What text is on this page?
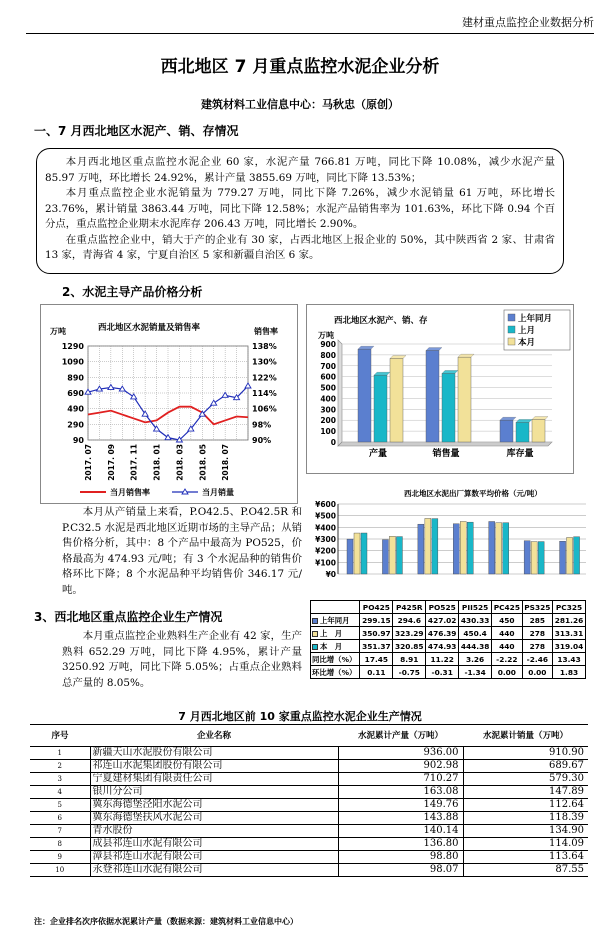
建材重点监控企业数据分析
西北地区 7 月重点监控水泥企业分析
建筑材料工业信息中心：马秋忠（原创）
一、7 月西北地区水泥产、销、存情况

本月西北地区重点监控水泥企业 60 家，水泥产量 766.81 万吨，同比下降 10.08%，减少水泥产量 85.97 万吨，环比增长 24.92%，累计产量 3855.69 万吨，同比下降 13.53%；

本月重点监控企业水泥销量为 779.27 万吨，同比下降 7.26%，减少水泥销量 61 万吨，环比增长 23.76%，累计销量 3863.44 万吨，同比下降 12.58%；水泥产品销售率为 101.63%，环比下降 0.94 个百分点，重点监控企业期末水泥库存 206.43 万吨，同比增长 2.90%。

在重点监控企业中，销大于产的企业有 30 家，占西北地区上报企业的 50%，其中陕西省 2 家、甘肃省 13 家，青海省 4 家，宁夏自治区 5 家和新疆自治区 6 家。

2、水泥主导产品价格分析
西北地区水泥销量及销售率
万吨	销售率
1290
1090
890
690
490
290
90
138%
130%
122%
114%
106%
98%
90%
2017. 07 2017. 09 2017. 11 2018. 01 2018. 03 2018. 05 2018. 07
当月销售率	当月销量
西北地区水泥产、销、存
万吨
900
800
700
600
500
400
300
200
100
0
产量	销售量	库存量
上年同月
上月
本月

本月从产销量上来看，P.O42.5、P.O42.5R 和 P.C32.5 水泥是西北地区近期市场的主导产品；从销售价格分析，其中：8 个产品中最高为 PO525，价格最高为 474.93 元/吨；有 3 个水泥品种的销售价格环比下降；8 个水泥品种平均销售价 346.17 元/吨。

3、西北地区重点监控企业生产情况

本月重点监控企业熟料生产企业有 42 家，生产熟料 652.29 万吨，同比下降 4.95%，累计产量 3250.92 万吨，同比下降 5.05%；占重点企业熟料总产量的 8.05%。

西北地区水泥出厂算数平均价格（元/吨）
¥600
¥500
¥400
¥300
¥200
¥100
¥0
	PO425	P425R	PO525	PII525	PC425	PS325	PC325
上年同月	299.15	294.6	427.02	430.33	450	285	281.26
上　月	350.97	323.29	476.39	450.4	440	278	313.31
本　月	351.37	320.85	474.93	444.38	440	278	319.04
同比增（%）	17.45	8.91	11.22	3.26	-2.22	-2.46	13.43
环比增（%）	0.11	-0.75	-0.31	-1.34	0.00	0.00	1.83
7 月西北地区前 10 家重点监控水泥企业生产情况
序号	企业名称	水泥累计产量（万吨）	水泥累计销量（万吨）
1	新疆天山水泥股份有限公司	936.00	910.90
2	祁连山水泥集团股份有限公司	902.98	689.67
3	宁夏建材集团有限责任公司	710.27	579.30
4	银川分公司	163.08	147.89
5	冀东海德堡泾阳水泥公司	149.76	112.64
6	冀东海德堡扶风水泥公司	143.88	118.39
7	青水股份	140.14	134.90
8	成县祁连山水泥有限公司	136.80	114.09
9	漳县祁连山水泥有限公司	98.80	113.64
10	永登祁连山水泥有限公司	98.07	87.55
注：企业排名次序依据水泥累计产量（数据来源：建筑材料工业信息中心）
